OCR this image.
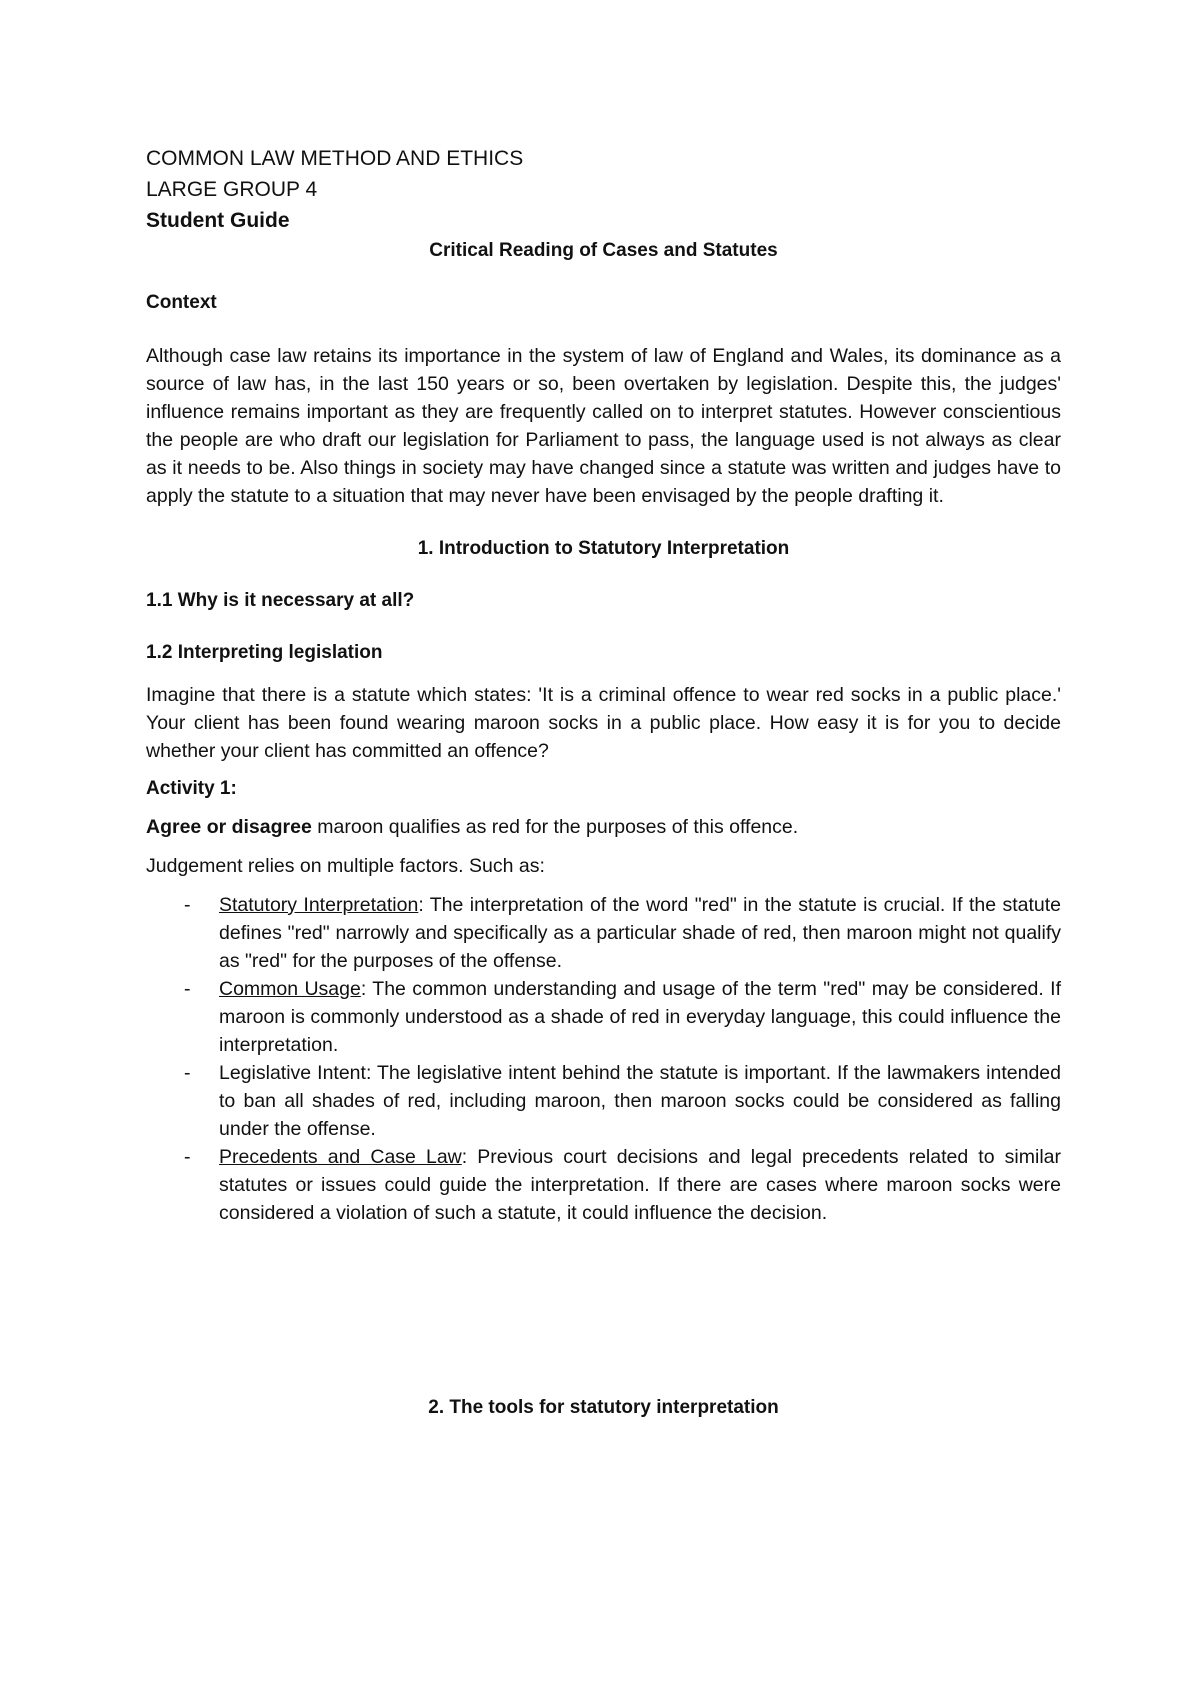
COMMON LAW METHOD AND ETHICS
LARGE GROUP 4
Student Guide
Critical Reading of Cases and Statutes
Context

Although case law retains its importance in the system of law of England and Wales, its dominance as a source of law has, in the last 150 years or so, been overtaken by legislation. Despite this, the judges' influence remains important as they are frequently called on to interpret statutes. However conscientious the people are who draft our legislation for Parliament to pass, the language used is not always as clear as it needs to be. Also things in society may have changed since a statute was written and judges have to apply the statute to a situation that may never have been envisaged by the people drafting it.

1. Introduction to Statutory Interpretation
1.1 Why is it necessary at all?
1.2 Interpreting legislation

Imagine that there is a statute which states: 'It is a criminal offence to wear red socks in a public place.' Your client has been found wearing maroon socks in a public place. How easy it is for you to decide whether your client has committed an offence?

Activity 1:

Agree or disagree maroon qualifies as red for the purposes of this offence.

Judgement relies on multiple factors. Such as:

- Statutory Interpretation: The interpretation of the word "red" in the statute is crucial. If the statute defines "red" narrowly and specifically as a particular shade of red, then maroon might not qualify as "red" for the purposes of the offense.
- Common Usage: The common understanding and usage of the term "red" may be considered. If maroon is commonly understood as a shade of red in everyday language, this could influence the interpretation.
- Legislative Intent: The legislative intent behind the statute is important. If the lawmakers intended to ban all shades of red, including maroon, then maroon socks could be considered as falling under the offense.
- Precedents and Case Law: Previous court decisions and legal precedents related to similar statutes or issues could guide the interpretation. If there are cases where maroon socks were considered a violation of such a statute, it could influence the decision.
2. The tools for statutory interpretation
